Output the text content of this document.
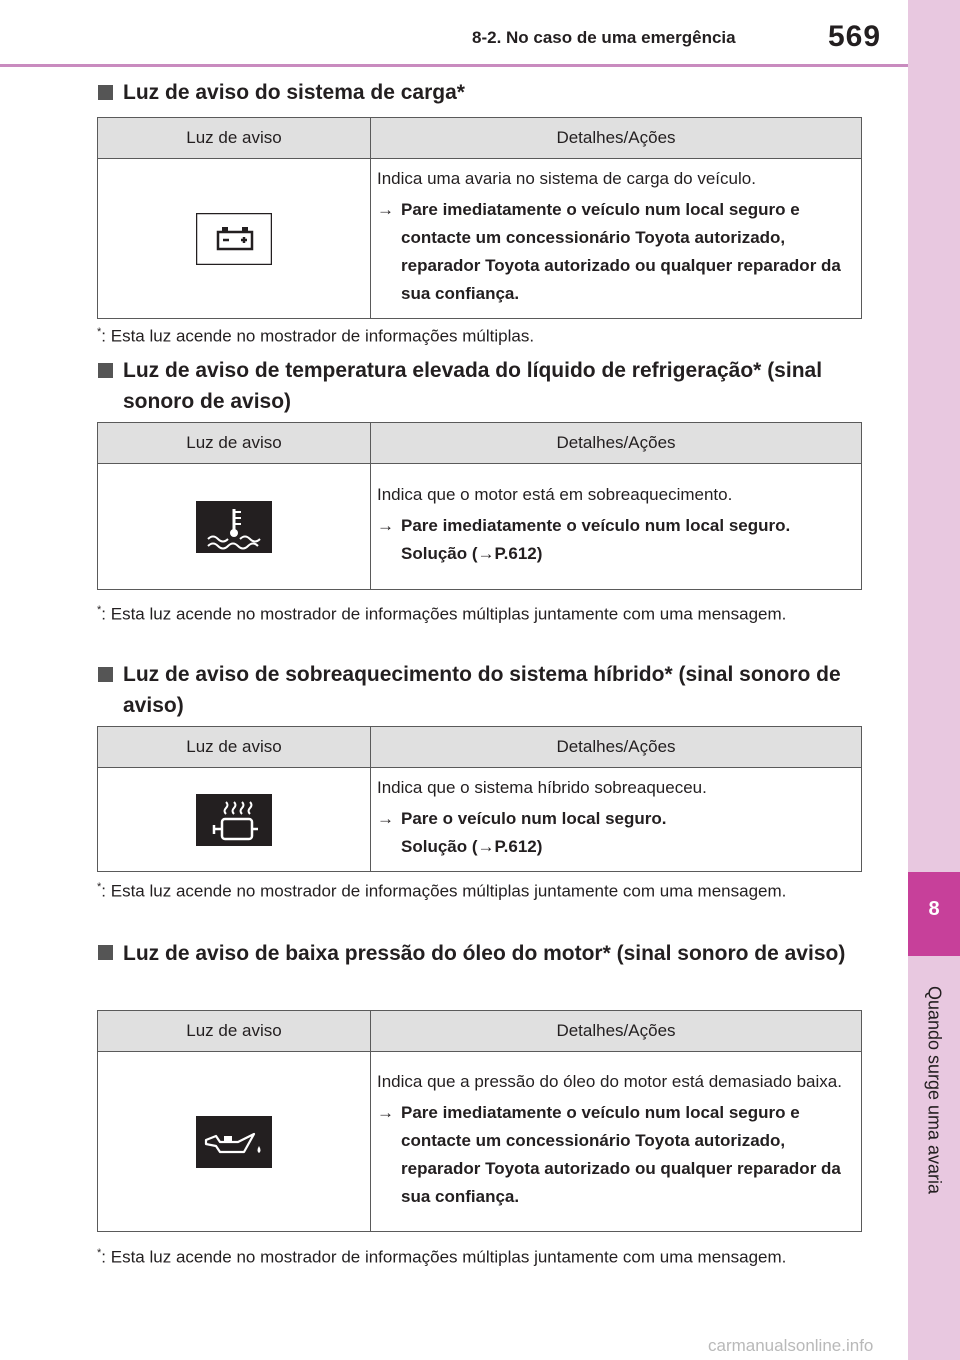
8-2. No caso de uma emergência	569
8
Quando surge uma avaria
Luz de aviso do sistema de carga*
Luz de aviso	Detalhes/Ações

Indica uma avaria no sistema de carga do veículo.
→ Pare imediatamente o veículo num local seguro e contacte um concessionário Toyota autorizado, reparador Toyota autorizado ou qualquer reparador da sua confiança.
*: Esta luz acende no mostrador de informações múltiplas.
Luz de aviso de temperatura elevada do líquido de refrigeração* (sinal sonoro de aviso)
Luz de aviso	Detalhes/Ações

Indica que o motor está em sobreaquecimento.
→ Pare imediatamente o veículo num local seguro.
Solução (→P.612)
*: Esta luz acende no mostrador de informações múltiplas juntamente com uma mensagem.
Luz de aviso de sobreaquecimento do sistema híbrido* (sinal sonoro de aviso)
Luz de aviso	Detalhes/Ações

Indica que o sistema híbrido sobreaqueceu.
→ Pare o veículo num local seguro.
Solução (→P.612)
*: Esta luz acende no mostrador de informações múltiplas juntamente com uma mensagem.
Luz de aviso de baixa pressão do óleo do motor* (sinal sonoro de aviso)
Luz de aviso	Detalhes/Ações

Indica que a pressão do óleo do motor está demasiado baixa.
→ Pare imediatamente o veículo num local seguro e contacte um concessionário Toyota autorizado, reparador Toyota autorizado ou qualquer reparador da sua confiança.
*: Esta luz acende no mostrador de informações múltiplas juntamente com uma mensagem.
carmanualsonline.info
